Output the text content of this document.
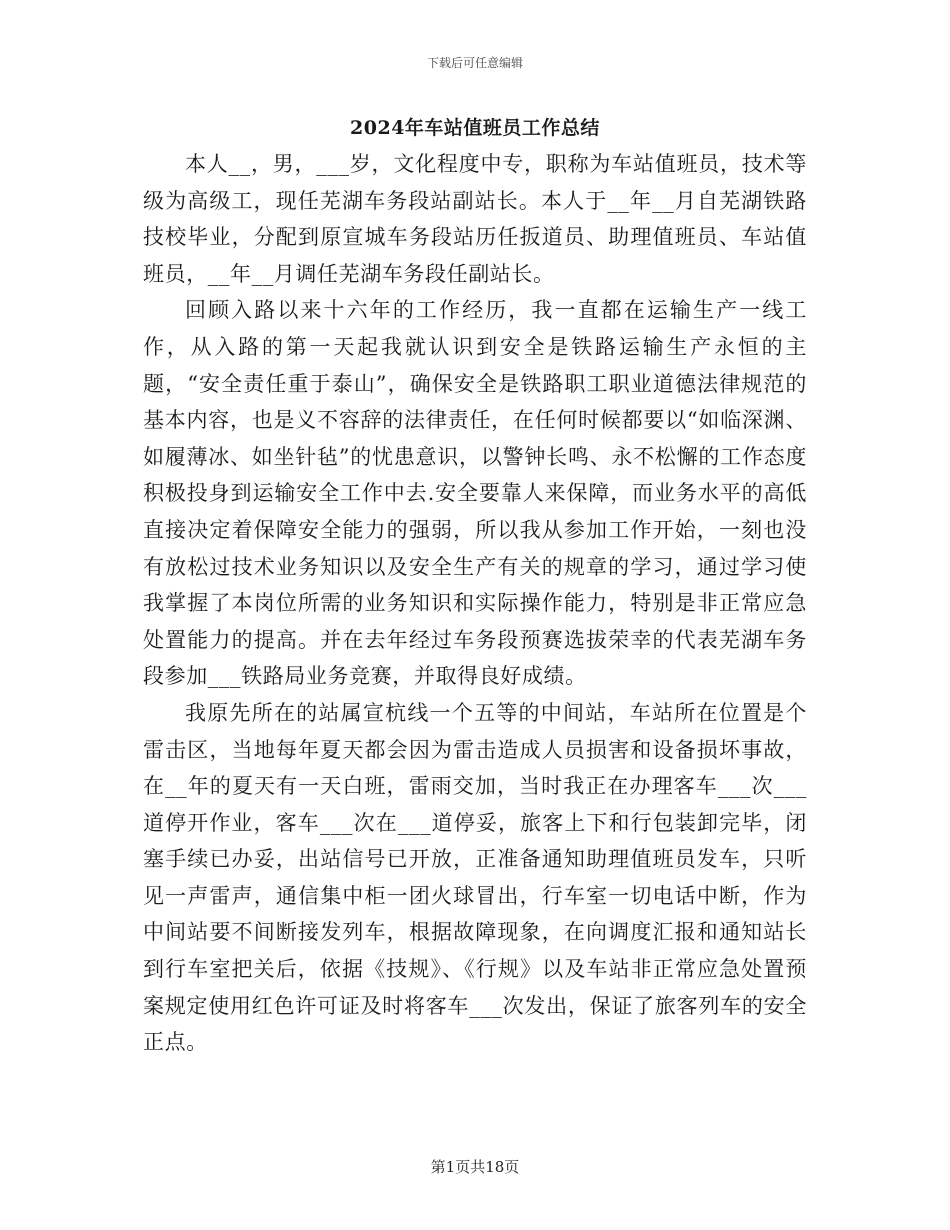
下载后可任意编辑
2024年车站值班员工作总结

本人__，男，___岁，文化程度中专，职称为车站值班员，技术等级为高级工，现任芜湖车务段站副站长。本人于__年__月自芜湖铁路技校毕业，分配到原宣城车务段站历任扳道员、助理值班员、车站值班员，__年__月调任芜湖车务段任副站长。

回顾入路以来十六年的工作经历，我一直都在运输生产一线工作，从入路的第一天起我就认识到安全是铁路运输生产永恒的主题，“安全责任重于泰山”，确保安全是铁路职工职业道德法律规范的基本内容，也是义不容辞的法律责任，在任何时候都要以“如临深渊、如履薄冰、如坐针毡”的忧患意识，以警钟长鸣、永不松懈的工作态度积极投身到运输安全工作中去.安全要靠人来保障，而业务水平的高低直接决定着保障安全能力的强弱，所以我从参加工作开始，一刻也没有放松过技术业务知识以及安全生产有关的规章的学习，通过学习使我掌握了本岗位所需的业务知识和实际操作能力，特别是非正常应急处置能力的提高。并在去年经过车务段预赛选拔荣幸的代表芜湖车务段参加___铁路局业务竞赛，并取得良好成绩。

我原先所在的站属宣杭线一个五等的中间站，车站所在位置是个雷击区，当地每年夏天都会因为雷击造成人员损害和设备损坏事故，在__年的夏天有一天白班，雷雨交加，当时我正在办理客车___次___道停开作业，客车___次在___道停妥，旅客上下和行包装卸完毕，闭塞手续已办妥，出站信号已开放，正准备通知助理值班员发车，只听见一声雷声，通信集中柜一团火球冒出，行车室一切电话中断，作为中间站要不间断接发列车，根据故障现象，在向调度汇报和通知站长到行车室把关后，依据《技规》、《行规》以及车站非正常应急处置预案规定使用红色许可证及时将客车___次发出，保证了旅客列车的安全正点。

第1页共18页
